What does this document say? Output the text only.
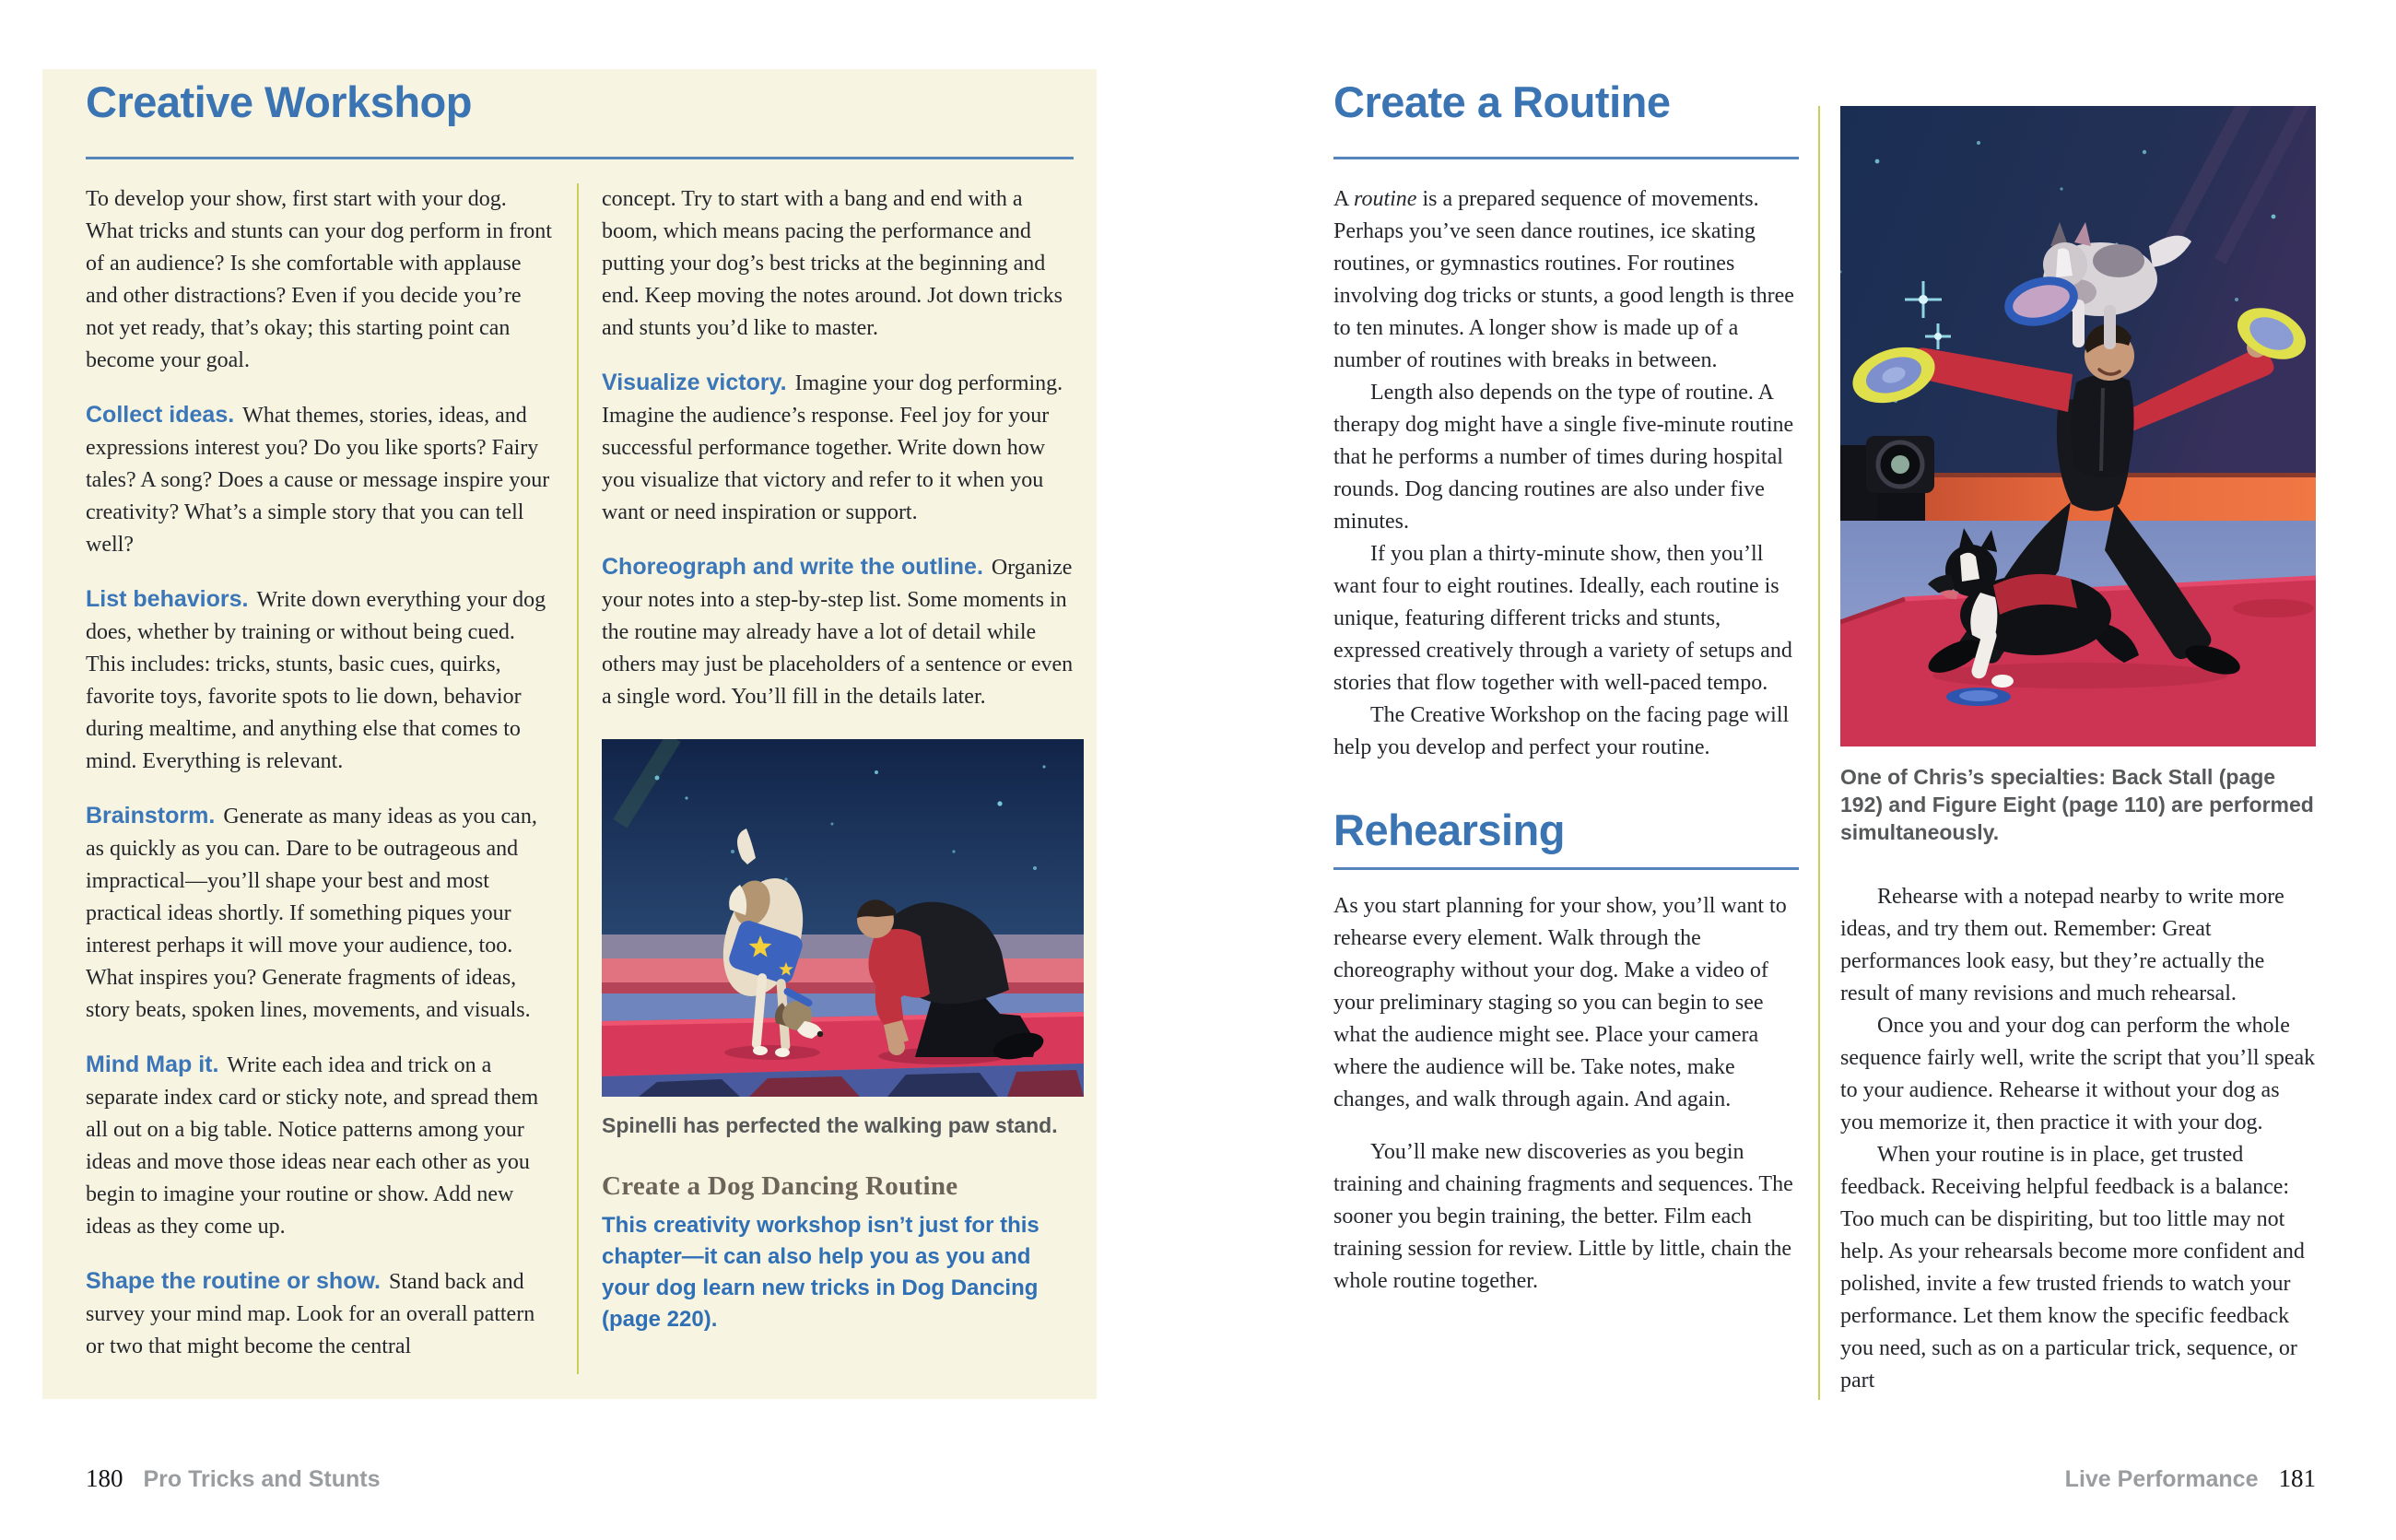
Creative Workshop

To develop your show, first start with your dog. What tricks and stunts can your dog perform in front of an audience? Is she comfortable with applause and other distractions? Even if you decide you’re not yet ready, that’s okay; this starting point can become your goal.

Collect ideas. What themes, stories, ideas, and expressions interest you? Do you like sports? Fairy tales? A song? Does a cause or message inspire your creativity? What’s a simple story that you can tell well?

List behaviors. Write down everything your dog does, whether by training or without being cued. This includes: tricks, stunts, basic cues, quirks, favorite toys, favorite spots to lie down, behavior during mealtime, and anything else that comes to mind. Everything is relevant.

Brainstorm. Generate as many ideas as you can, as quickly as you can. Dare to be outrageous and impractical—you’ll shape your best and most practical ideas shortly. If something piques your interest perhaps it will move your audience, too. What inspires you? Generate fragments of ideas, story beats, spoken lines, movements, and visuals.

Mind Map it. Write each idea and trick on a separate index card or sticky note, and spread them all out on a big table. Notice patterns among your ideas and move those ideas near each other as you begin to imagine your routine or show. Add new ideas as they come up.

Shape the routine or show. Stand back and survey your mind map. Look for an overall pattern or two that might become the central

concept. Try to start with a bang and end with a boom, which means pacing the performance and putting your dog’s best tricks at the beginning and end. Keep moving the notes around. Jot down tricks and stunts you’d like to master.

Visualize victory. Imagine your dog performing. Imagine the audience’s response. Feel joy for your successful performance together. Write down how you visualize that victory and refer to it when you want or need inspiration or support.

Choreograph and write the outline. Organize your notes into a step-by-step list. Some moments in the routine may already have a lot of detail while others may just be placeholders of a sentence or even a single word. You’ll fill in the details later.

Spinelli has perfected the walking paw stand.
Create a Dog Dancing Routine

This creativity workshop isn’t just for this chapter—it can also help you as you and your dog learn new tricks in Dog Dancing (page 220).

Create a Routine

A routine is a prepared sequence of movements. Perhaps you’ve seen dance routines, ice skating routines, or gymnastics routines. For routines involving dog tricks or stunts, a good length is three to ten minutes. A longer show is made up of a number of routines with breaks in between.

Length also depends on the type of routine. A therapy dog might have a single five-minute routine that he performs a number of times during hospital rounds. Dog dancing routines are also under five minutes.

If you plan a thirty-minute show, then you’ll want four to eight routines. Ideally, each routine is unique, featuring different tricks and stunts, expressed creatively through a variety of setups and stories that flow together with well-paced tempo.

The Creative Workshop on the facing page will help you develop and perfect your routine.

Rehearsing

As you start planning for your show, you’ll want to rehearse every element. Walk through the choreography without your dog. Make a video of your preliminary staging so you can begin to see what the audience might see. Place your camera where the audience will be. Take notes, make changes, and walk through again. And again.

You’ll make new discoveries as you begin training and chaining fragments and sequences. The sooner you begin training, the better. Film each training session for review. Little by little, chain the whole routine together.

One of Chris’s specialties: Back Stall (page 192) and Figure Eight (page 110) are performed simultaneously.

Rehearse with a notepad nearby to write more ideas, and try them out. Remember: Great performances look easy, but they’re actually the result of many revisions and much rehearsal.

Once you and your dog can perform the whole sequence fairly well, write the script that you’ll speak to your audience. Rehearse it without your dog as you memorize it, then practice it with your dog.

When your routine is in place, get trusted feedback. Receiving helpful feedback is a balance: Too much can be dispiriting, but too little may not help. As your rehearsals become more confident and polished, invite a few trusted friends to watch your performance. Let them know the specific feedback you need, such as on a particular trick, sequence, or part

180 Pro Tricks and Stunts	Live Performance 181
